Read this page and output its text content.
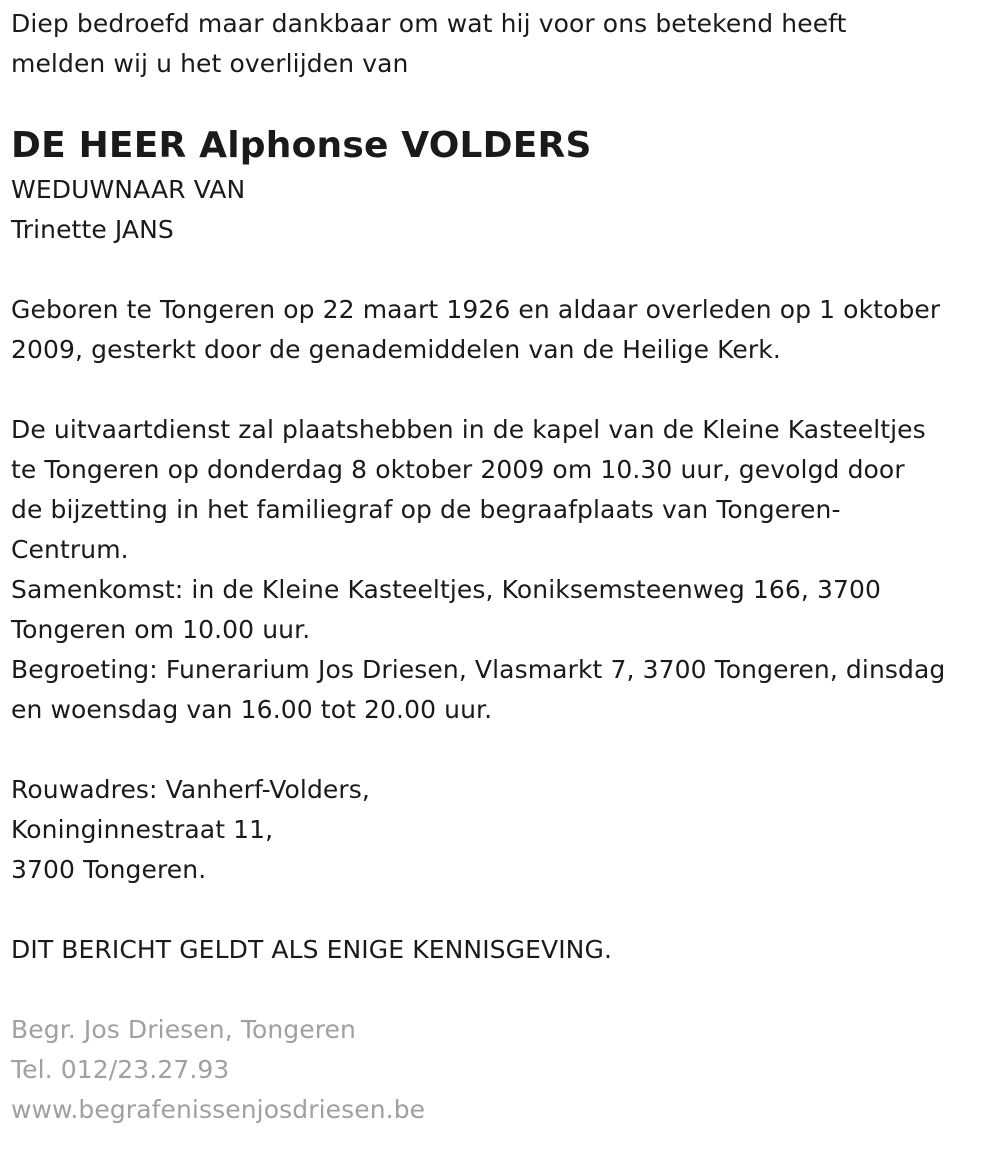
Diep bedroefd maar dankbaar om wat hij voor ons betekend heeft
melden wij u het overlijden van
DE HEER Alphonse VOLDERS
WEDUWNAAR VAN
Trinette JANS
Geboren te Tongeren op 22 maart 1926 en aldaar overleden op 1 oktober
2009, gesterkt door de genademiddelen van de Heilige Kerk.
De uitvaartdienst zal plaatshebben in de kapel van de Kleine Kasteeltjes
te Tongeren op donderdag 8 oktober 2009 om 10.30 uur, gevolgd door
de bijzetting in het familiegraf op de begraafplaats van Tongeren-
Centrum.
Samenkomst: in de Kleine Kasteeltjes, Koniksemsteenweg 166, 3700
Tongeren om 10.00 uur.
Begroeting: Funerarium Jos Driesen, Vlasmarkt 7, 3700 Tongeren, dinsdag
en woensdag van 16.00 tot 20.00 uur.
Rouwadres: Vanherf-Volders,
Koninginnestraat 11,
3700 Tongeren.
DIT BERICHT GELDT ALS ENIGE KENNISGEVING.
Begr. Jos Driesen, Tongeren
Tel. 012/23.27.93
www.begrafenissenjosdriesen.be
